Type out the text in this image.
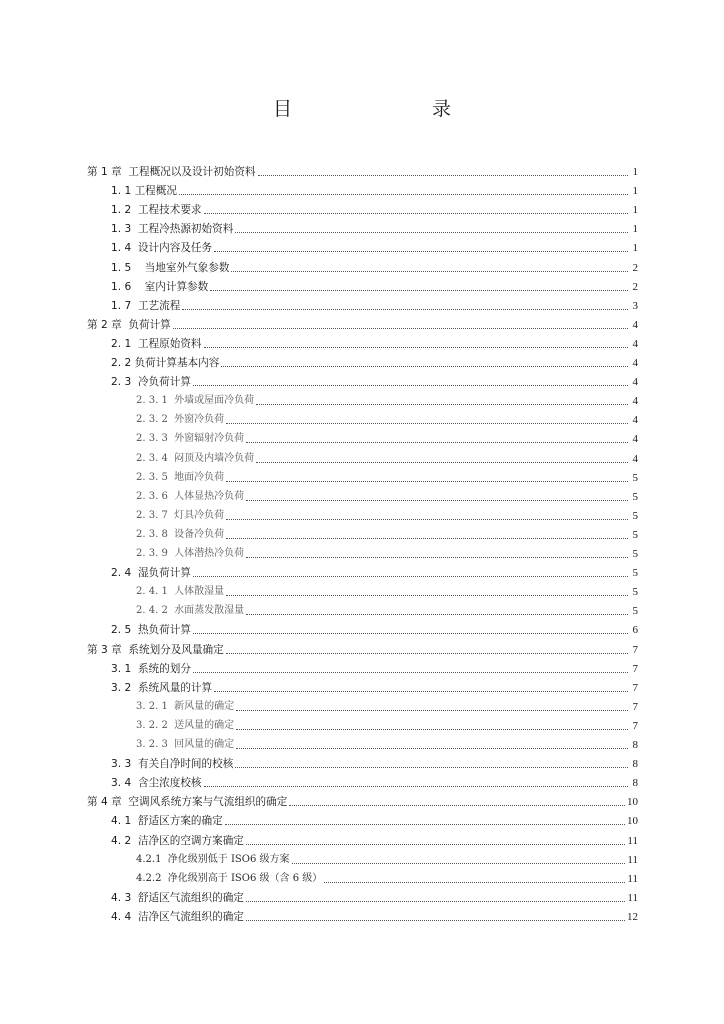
目　　录
第 1 章  工程概况以及设计初始资料	1
1. 1 工程概况	1
1. 2  工程技术要求	1
1. 3  工程冷热源初始资料	1
1. 4  设计内容及任务	1
1. 5    当地室外气象参数	2
1. 6    室内计算参数	2
1. 7  工艺流程	3
第 2 章  负荷计算	4
2. 1  工程原始资料	4
2. 2 负荷计算基本内容	4
2. 3  冷负荷计算	4
2. 3. 1  外墙或屋面冷负荷	4
2. 3. 2  外窗冷负荷	4
2. 3. 3  外窗辐射冷负荷	4
2. 3. 4  闷顶及内墙冷负荷	4
2. 3. 5  地面冷负荷	5
2. 3. 6  人体显热冷负荷	5
2. 3. 7  灯具冷负荷	5
2. 3. 8  设备冷负荷	5
2. 3. 9  人体潜热冷负荷	5
2. 4  湿负荷计算	5
2. 4. 1  人体散湿量	5
2. 4. 2  水面蒸发散湿量	5
2. 5  热负荷计算	6
第 3 章  系统划分及风量确定	7
3. 1  系统的划分	7
3. 2  系统风量的计算	7
3. 2. 1  新风量的确定	7
3. 2. 2  送风量的确定	7
3. 2. 3  回风量的确定	8
3. 3  有关自净时间的校核	8
3. 4  含尘浓度校核	8
第 4 章  空调风系统方案与气流组织的确定	10
4. 1  舒适区方案的确定	10
4. 2  洁净区的空调方案确定	11
4.2.1  净化级别低于 ISO6 级方案	11
4.2.2  净化级别高于 ISO6 级（含 6 级）	11
4. 3  舒适区气流组织的确定	11
4. 4  洁净区气流组织的确定	12
